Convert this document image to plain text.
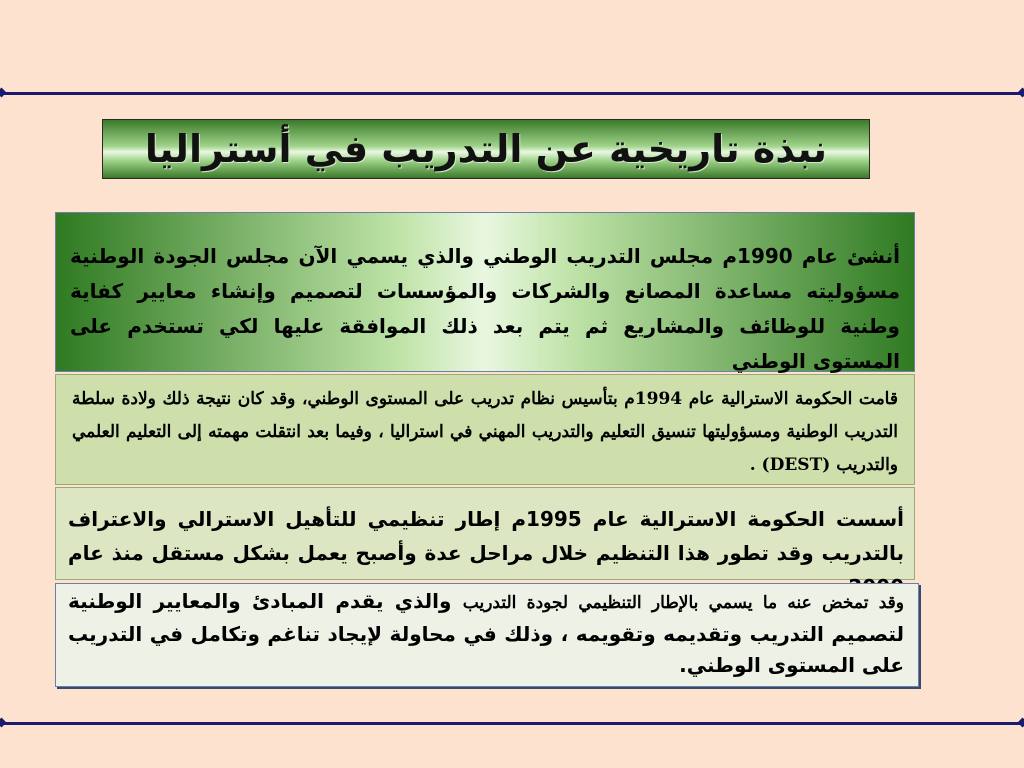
نبذة تاريخية عن التدريب في أستراليا
أنشئ عام 1990م مجلس التدريب الوطني والذي يسمي الآن مجلس الجودة الوطنية مسؤوليته مساعدة المصانع والشركات والمؤسسات لتصميم وإنشاء معايير كفاية وطنية للوظائف والمشاريع ثم يتم بعد ذلك الموافقة عليها لكي تستخدم على المستوى الوطني
قامت الحكومة الاسترالية عام 1994م بتأسيس نظام تدريب على المستوى الوطني، وقد كان نتيجة ذلك ولادة سلطة التدريب الوطنية ومسؤوليتها تنسيق التعليم والتدريب المهني في استراليا ، وفيما بعد انتقلت مهمته إلى التعليم العلمي والتدريب (DEST) .
أسست الحكومة الاسترالية عام 1995م إطار تنظيمي للتأهيل الاسترالي والاعتراف بالتدريب وقد تطور هذا التنظيم خلال مراحل عدة وأصبح يعمل بشكل مستقل منذ عام
وقد تمخض عنه ما يسمي بالإطار التنظيمي لجودة التدريب والذي يقدم المبادئ والمعايير الوطنية لتصميم التدريب وتقديمه وتقويمه ، وذلك في محاولة لإيجاد تناغم وتكامل في التدريب على المستوى الوطني.
